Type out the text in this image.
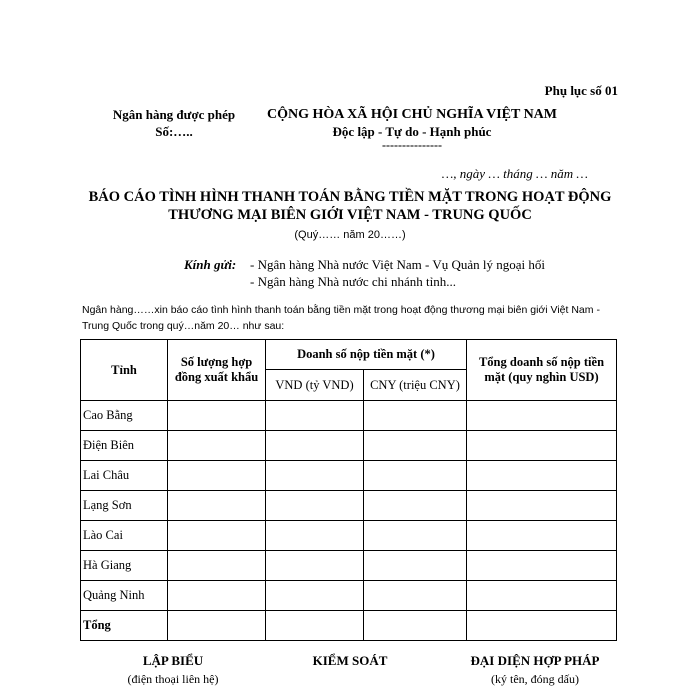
Phụ lục số 01
Ngân hàng được phép
Số:…..
CỘNG HÒA XÃ HỘI CHỦ NGHĨA VIỆT NAM
Độc lập - Tự do - Hạnh phúc
---------------
…, ngày … tháng … năm …
BÁO CÁO TÌNH HÌNH THANH TOÁN BẰNG TIỀN MẶT TRONG HOẠT ĐỘNG
THƯƠNG MẠI BIÊN GIỚI VIỆT NAM - TRUNG QUỐC
(Quý…… năm 20……)
Kính gửi: - Ngân hàng Nhà nước Việt Nam - Vụ Quản lý ngoại hối
- Ngân hàng Nhà nước chi nhánh tỉnh...
Ngân hàng……xin báo cáo tình hình thanh toán bằng tiền mặt trong hoạt động thương mại biên giới Việt Nam - Trung Quốc trong quý…năm 20… như sau:
Tỉnh	Số lượng hợp đồng xuất khẩu	Doanh số nộp tiền mặt (*)		Tổng doanh số nộp tiền mặt (quy nghìn USD)
		VND (tỷ VND)	CNY (triệu CNY)	
Cao Bằng				
Điện Biên				
Lai Châu				
Lạng Sơn				
Lào Cai				
Hà Giang				
Quảng Ninh				
Tổng				
LẬP BIỂU
(điện thoại liên hệ)
KIỂM SOÁT	ĐẠI DIỆN HỢP PHÁP
(ký tên, đóng dấu)
